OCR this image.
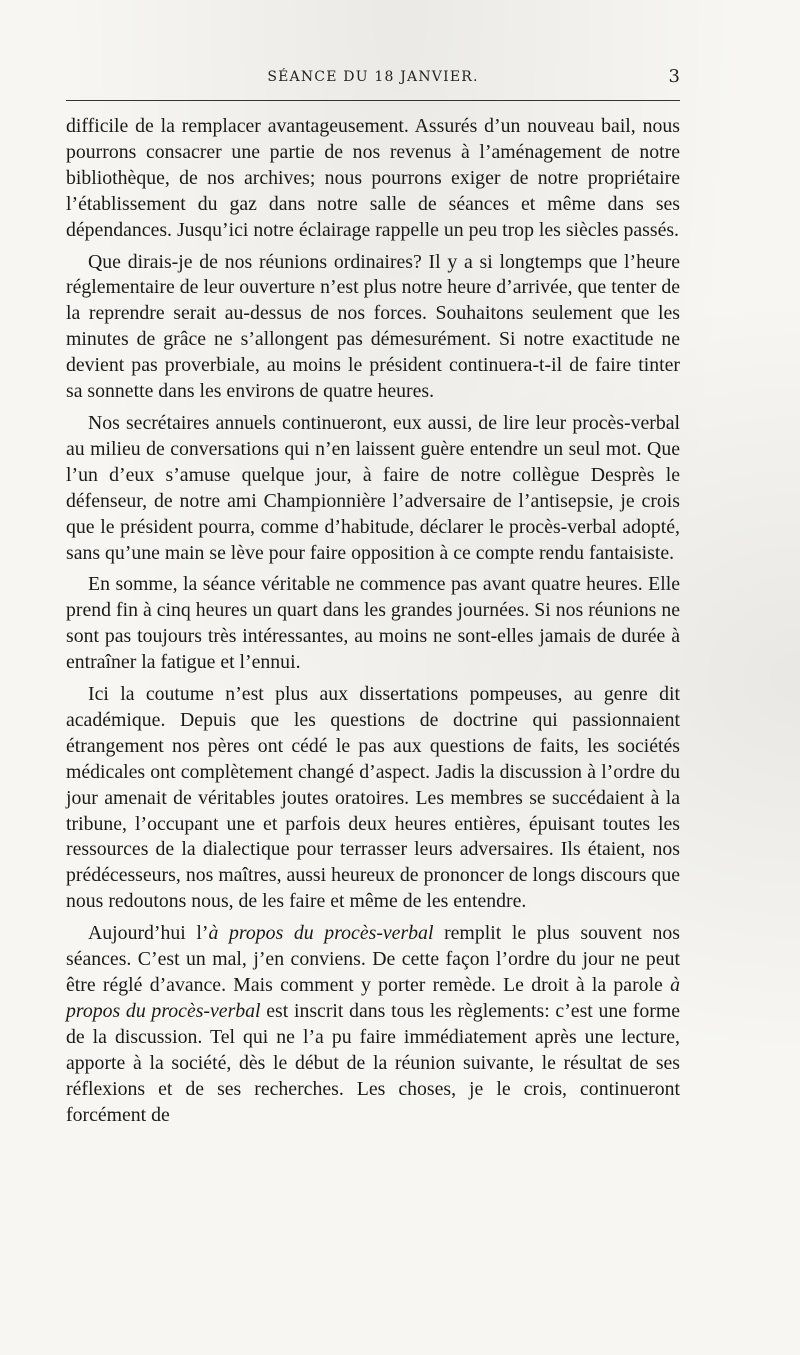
SÉANCE DU 18 JANVIER.	3

difficile de la remplacer avantageusement. Assurés d’un nouveau bail, nous pourrons consacrer une partie de nos revenus à l’aménagement de notre bibliothèque, de nos archives; nous pourrons exiger de notre propriétaire l’établissement du gaz dans notre salle de séances et même dans ses dépendances. Jusqu’ici notre éclairage rappelle un peu trop les siècles passés.

Que dirais-je de nos réunions ordinaires? Il y a si longtemps que l’heure réglementaire de leur ouverture n’est plus notre heure d’arrivée, que tenter de la reprendre serait au-dessus de nos forces. Souhaitons seulement que les minutes de grâce ne s’allongent pas démesurément. Si notre exactitude ne devient pas proverbiale, au moins le président continuera-t-il de faire tinter sa sonnette dans les environs de quatre heures.

Nos secrétaires annuels continueront, eux aussi, de lire leur procès-verbal au milieu de conversations qui n’en laissent guère entendre un seul mot. Que l’un d’eux s’amuse quelque jour, à faire de notre collègue Desprès le défenseur, de notre ami Championnière l’adversaire de l’antisepsie, je crois que le président pourra, comme d’habitude, déclarer le procès-verbal adopté, sans qu’une main se lève pour faire opposition à ce compte rendu fantaisiste.

En somme, la séance véritable ne commence pas avant quatre heures. Elle prend fin à cinq heures un quart dans les grandes journées. Si nos réunions ne sont pas toujours très intéressantes, au moins ne sont-elles jamais de durée à entraîner la fatigue et l’ennui.

Ici la coutume n’est plus aux dissertations pompeuses, au genre dit académique. Depuis que les questions de doctrine qui passionnaient étrangement nos pères ont cédé le pas aux questions de faits, les sociétés médicales ont complètement changé d’aspect. Jadis la discussion à l’ordre du jour amenait de véritables joutes oratoires. Les membres se succédaient à la tribune, l’occupant une et parfois deux heures entières, épuisant toutes les ressources de la dialectique pour terrasser leurs adversaires. Ils étaient, nos prédécesseurs, nos maîtres, aussi heureux de prononcer de longs discours que nous redoutons nous, de les faire et même de les entendre.

Aujourd’hui l’à propos du procès-verbal remplit le plus souvent nos séances. C’est un mal, j’en conviens. De cette façon l’ordre du jour ne peut être réglé d’avance. Mais comment y porter remède. Le droit à la parole à propos du procès-verbal est inscrit dans tous les règlements: c’est une forme de la discussion. Tel qui ne l’a pu faire immédiatement après une lecture, apporte à la société, dès le début de la réunion suivante, le résultat de ses réflexions et de ses recherches. Les choses, je le crois, continueront forcément de
